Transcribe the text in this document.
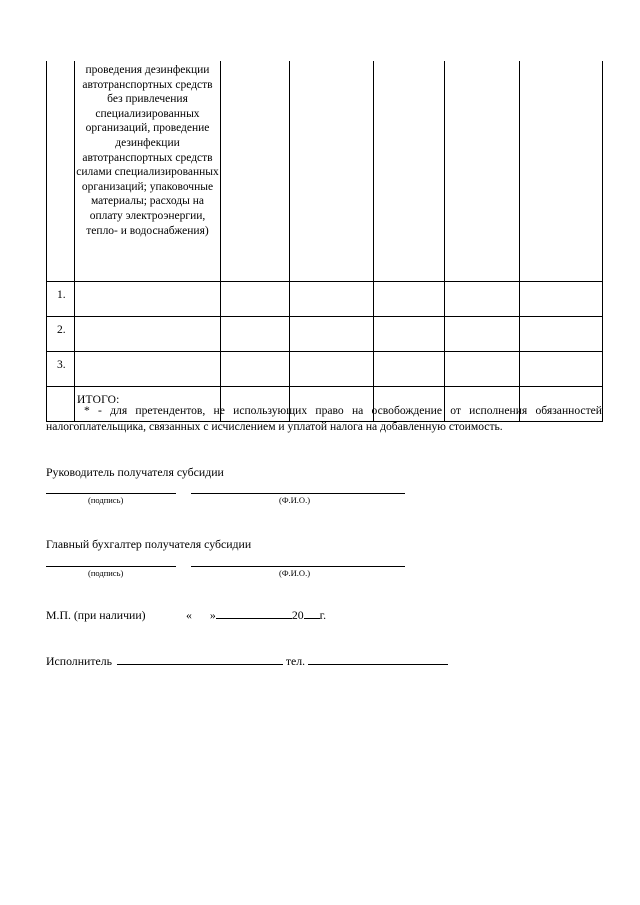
	проведения дезинфекции автотранспортных средств без привлечения специализированных организаций, проведение дезинфекции автотранспортных средств силами специализированных организаций; упаковочные материалы; расходы на оплату электроэнергии, тепло- и водоснабжения)					
1.						
2.						
3.						
	ИТОГО:					
* - для претендентов, не использующих право на освобождение от исполнения обязанностей налогоплательщика, связанных с исчислением и уплатой налога на добавленную стоимость.
Руководитель получателя субсидии
(подпись)	(Ф.И.О.)
Главный бухгалтер получателя субсидии
(подпись)	(Ф.И.О.)
М.П. (при наличии)	« »	20 г.
Исполнитель	тел.
